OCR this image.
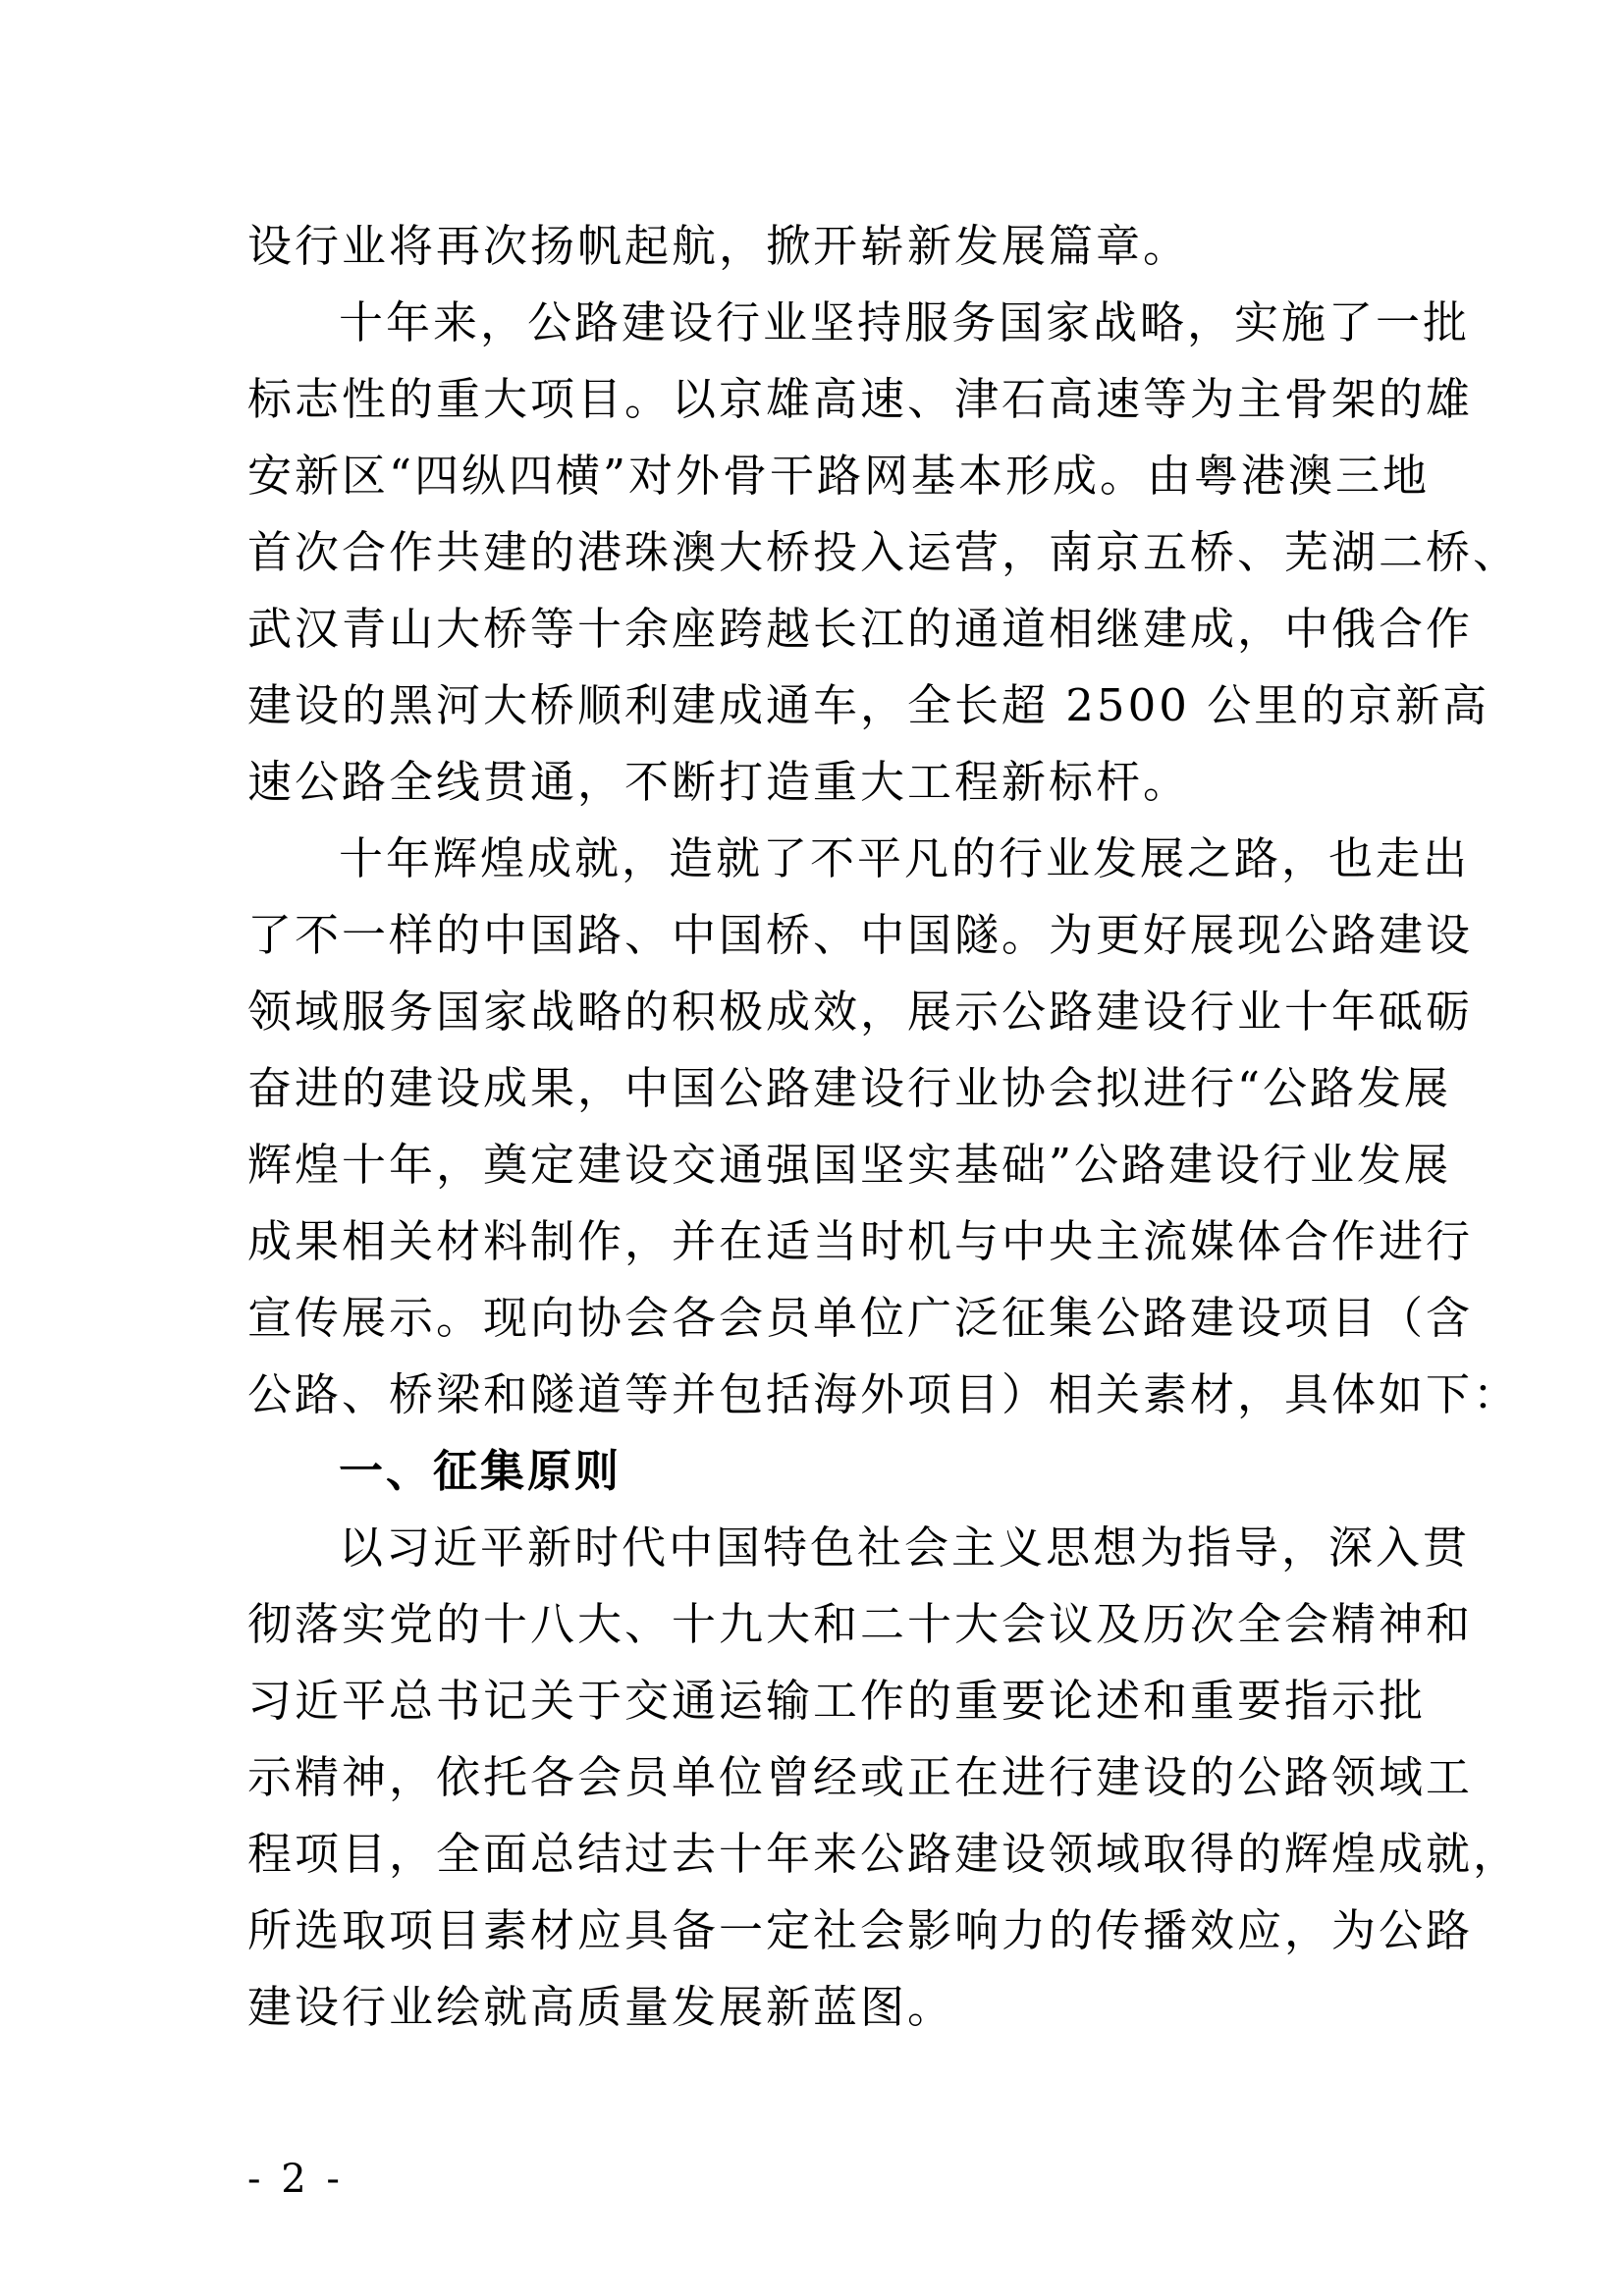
设行业将再次扬帆起航，掀开崭新发展篇章。
十年来，公路建设行业坚持服务国家战略，实施了一批
标志性的重大项目。以京雄高速、津石高速等为主骨架的雄
安新区“四纵四横”对外骨干路网基本形成。由粤港澳三地
首次合作共建的港珠澳大桥投入运营，南京五桥、芜湖二桥、
武汉青山大桥等十余座跨越长江的通道相继建成，中俄合作
建设的黑河大桥顺利建成通车，全长超 2500 公里的京新高
速公路全线贯通，不断打造重大工程新标杆。
十年辉煌成就，造就了不平凡的行业发展之路，也走出
了不一样的中国路、中国桥、中国隧。为更好展现公路建设
领域服务国家战略的积极成效，展示公路建设行业十年砥砺
奋进的建设成果，中国公路建设行业协会拟进行“公路发展
辉煌十年，奠定建设交通强国坚实基础”公路建设行业发展
成果相关材料制作，并在适当时机与中央主流媒体合作进行
宣传展示。现向协会各会员单位广泛征集公路建设项目（含
公路、桥梁和隧道等并包括海外项目）相关素材，具体如下：
一、征集原则
以习近平新时代中国特色社会主义思想为指导，深入贯
彻落实党的十八大、十九大和二十大会议及历次全会精神和
习近平总书记关于交通运输工作的重要论述和重要指示批
示精神，依托各会员单位曾经或正在进行建设的公路领域工
程项目，全面总结过去十年来公路建设领域取得的辉煌成就，
所选取项目素材应具备一定社会影响力的传播效应，为公路
建设行业绘就高质量发展新蓝图。
- 2 -
